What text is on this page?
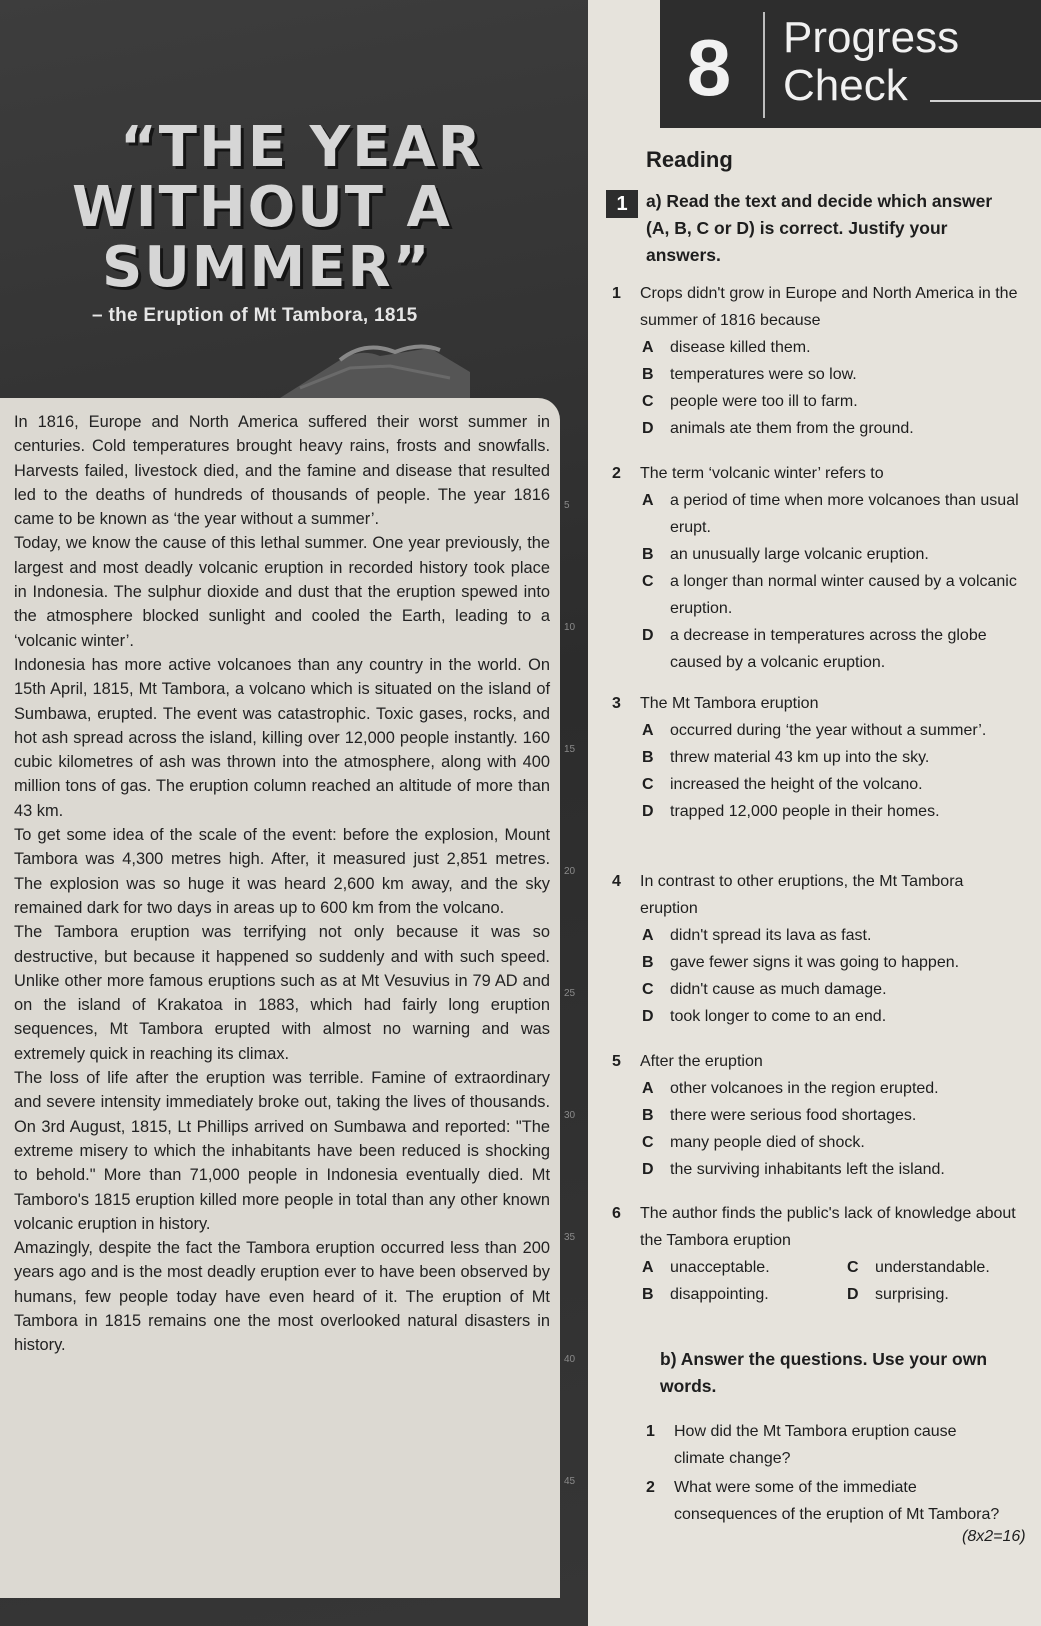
“THE YEAR
WITHOUT A
SUMMER”
– the Eruption of Mt Tambora, 1815

In 1816, Europe and North America suffered their worst summer in centuries. Cold temperatures brought heavy rains, frosts and snowfalls. Harvests failed, livestock died, and the famine and disease that resulted led to the deaths of hundreds of thousands of people. The year 1816 came to be known as ‘the year without a summer’.

Today, we know the cause of this lethal summer. One year previously, the largest and most deadly volcanic eruption in recorded history took place in Indonesia. The sulphur dioxide and dust that the eruption spewed into the atmosphere blocked sunlight and cooled the Earth, leading to a ‘volcanic winter’.

Indonesia has more active volcanoes than any country in the world. On 15th April, 1815, Mt Tambora, a volcano which is situated on the island of Sumbawa, erupted. The event was catastrophic. Toxic gases, rocks, and hot ash spread across the island, killing over 12,000 people instantly. 160 cubic kilometres of ash was thrown into the atmosphere, along with 400 million tons of gas. The eruption column reached an altitude of more than 43 km.

To get some idea of the scale of the event: before the explosion, Mount Tambora was 4,300 metres high. After, it measured just 2,851 metres. The explosion was so huge it was heard 2,600 km away, and the sky remained dark for two days in areas up to 600 km from the volcano.

The Tambora eruption was terrifying not only because it was so destructive, but because it happened so suddenly and with such speed. Unlike other more famous eruptions such as at Mt Vesuvius in 79 AD and on the island of Krakatoa in 1883, which had fairly long eruption sequences, Mt Tambora erupted with almost no warning and was extremely quick in reaching its climax.

The loss of life after the eruption was terrible. Famine of extraordinary and severe intensity immediately broke out, taking the lives of thousands. On 3rd August, 1815, Lt Phillips arrived on Sumbawa and reported: "The extreme misery to which the inhabitants have been reduced is shocking to behold." More than 71,000 people in Indonesia eventually died. Mt Tamboro's 1815 eruption killed more people in total than any other known volcanic eruption in history.

Amazingly, despite the fact the Tambora eruption occurred less than 200 years ago and is the most deadly eruption ever to have been observed by humans, few people today have even heard of it. The eruption of Mt Tambora in 1815 remains one the most overlooked natural disasters in history.

5
10
15
20
25
30
35
40
45
8	Progress
Check
Reading
1	a) Read the text and decide which answer (A, B, C or D) is correct. Justify your answers.
1 Crops didn't grow in Europe and North America in the summer of 1816 because
A disease killed them.
B temperatures were so low.
C people were too ill to farm.
D animals ate them from the ground.
2 The term ‘volcanic winter’ refers to
A a period of time when more volcanoes than usual erupt.
B an unusually large volcanic eruption.
C a longer than normal winter caused by a volcanic eruption.
D a decrease in temperatures across the globe caused by a volcanic eruption.
3 The Mt Tambora eruption
A occurred during ‘the year without a summer’.
B threw material 43 km up into the sky.
C increased the height of the volcano.
D trapped 12,000 people in their homes.
4 In contrast to other eruptions, the Mt Tambora eruption
A didn't spread its lava as fast.
B gave fewer signs it was going to happen.
C didn't cause as much damage.
D took longer to come to an end.
5 After the eruption
A other volcanoes in the region erupted.
B there were serious food shortages.
C many people died of shock.
D the surviving inhabitants left the island.
6 The author finds the public's lack of knowledge about the Tambora eruption
A unacceptable.	C understandable.
B disappointing.	D surprising.
b) Answer the questions. Use your own words.
1 How did the Mt Tambora eruption cause climate change?
2 What were some of the immediate consequences of the eruption of Mt Tambora?
(8x2=16)
